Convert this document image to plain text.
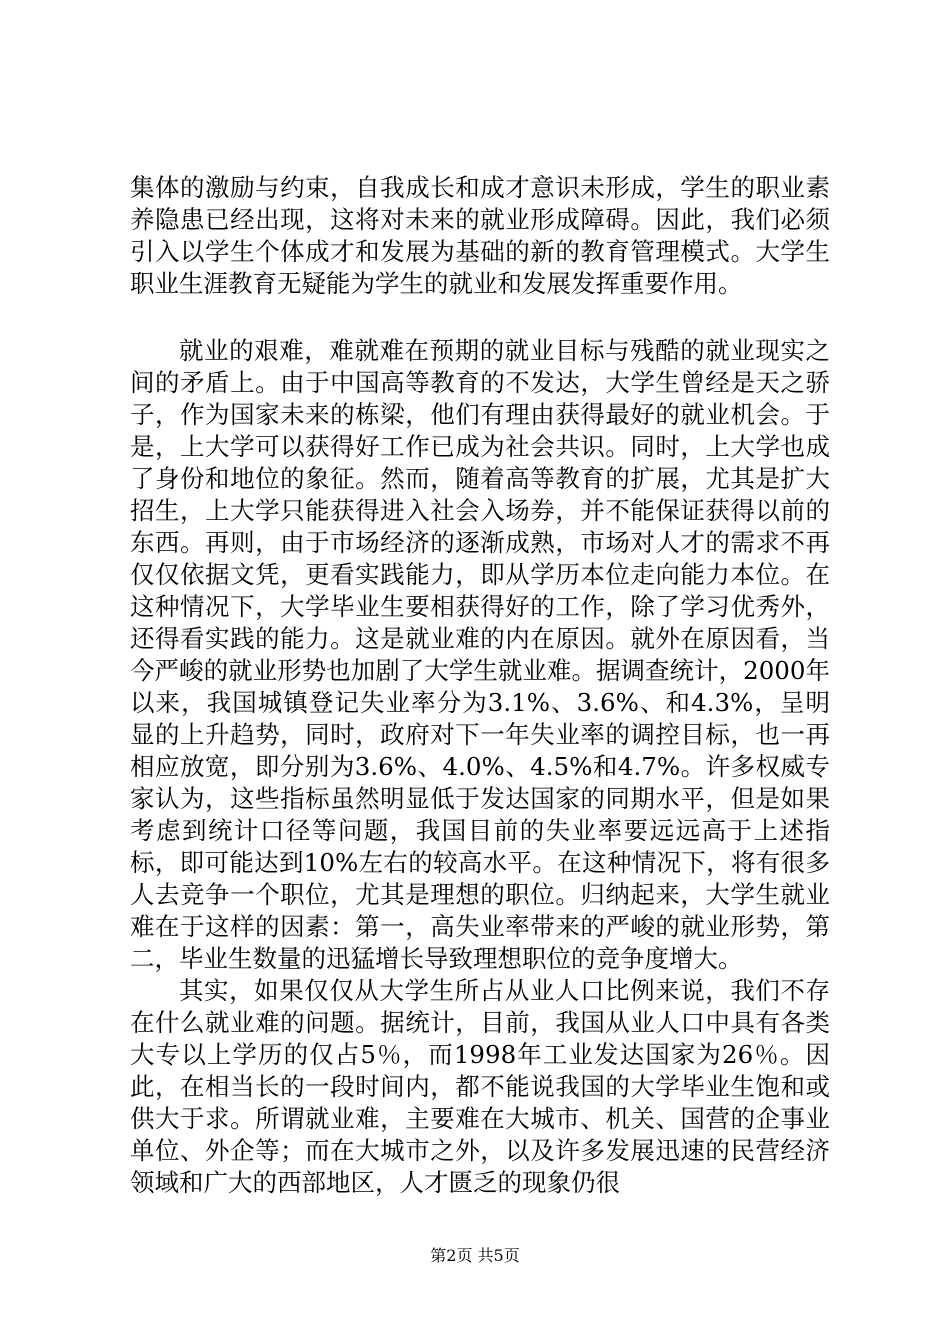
集体的激励与约束，自我成长和成才意识未形成，学生的职业素养隐患已经出现，这将对未来的就业形成障碍。因此，我们必须引入以学生个体成才和发展为基础的新的教育管理模式。大学生职业生涯教育无疑能为学生的就业和发展发挥重要作用。

就业的艰难，难就难在预期的就业目标与残酷的就业现实之间的矛盾上。由于中国高等教育的不发达，大学生曾经是天之骄子，作为国家未来的栋梁，他们有理由获得最好的就业机会。于是，上大学可以获得好工作已成为社会共识。同时，上大学也成了身份和地位的象征。然而，随着高等教育的扩展，尤其是扩大招生，上大学只能获得进入社会入场券，并不能保证获得以前的东西。再则，由于市场经济的逐渐成熟，市场对人才的需求不再仅仅依据文凭，更看实践能力，即从学历本位走向能力本位。在这种情况下，大学毕业生要相获得好的工作，除了学习优秀外，还得看实践的能力。这是就业难的内在原因。就外在原因看，当今严峻的就业形势也加剧了大学生就业难。据调查统计，2000年以来，我国城镇登记失业率分为3.1%、3.6%、和4.3%，呈明显的上升趋势，同时，政府对下一年失业率的调控目标，也一再相应放宽，即分别为3.6%、4.0%、4.5%和4.7%。许多权威专家认为，这些指标虽然明显低于发达国家的同期水平，但是如果考虑到统计口径等问题，我国目前的失业率要远远高于上述指标，即可能达到10%左右的较高水平。在这种情况下，将有很多人去竞争一个职位，尤其是理想的职位。归纳起来，大学生就业难在于这样的因素：第一，高失业率带来的严峻的就业形势，第二，毕业生数量的迅猛增长导致理想职位的竞争度增大。

其实，如果仅仅从大学生所占从业人口比例来说，我们不存在什么就业难的问题。据统计，目前，我国从业人口中具有各类大专以上学历的仅占5％，而1998年工业发达国家为26％。因此，在相当长的一段时间内，都不能说我国的大学毕业生饱和或供大于求。所谓就业难，主要难在大城市、机关、国营的企事业单位、外企等；而在大城市之外，以及许多发展迅速的民营经济领域和广大的西部地区，人才匮乏的现象仍很

第2页 共5页
